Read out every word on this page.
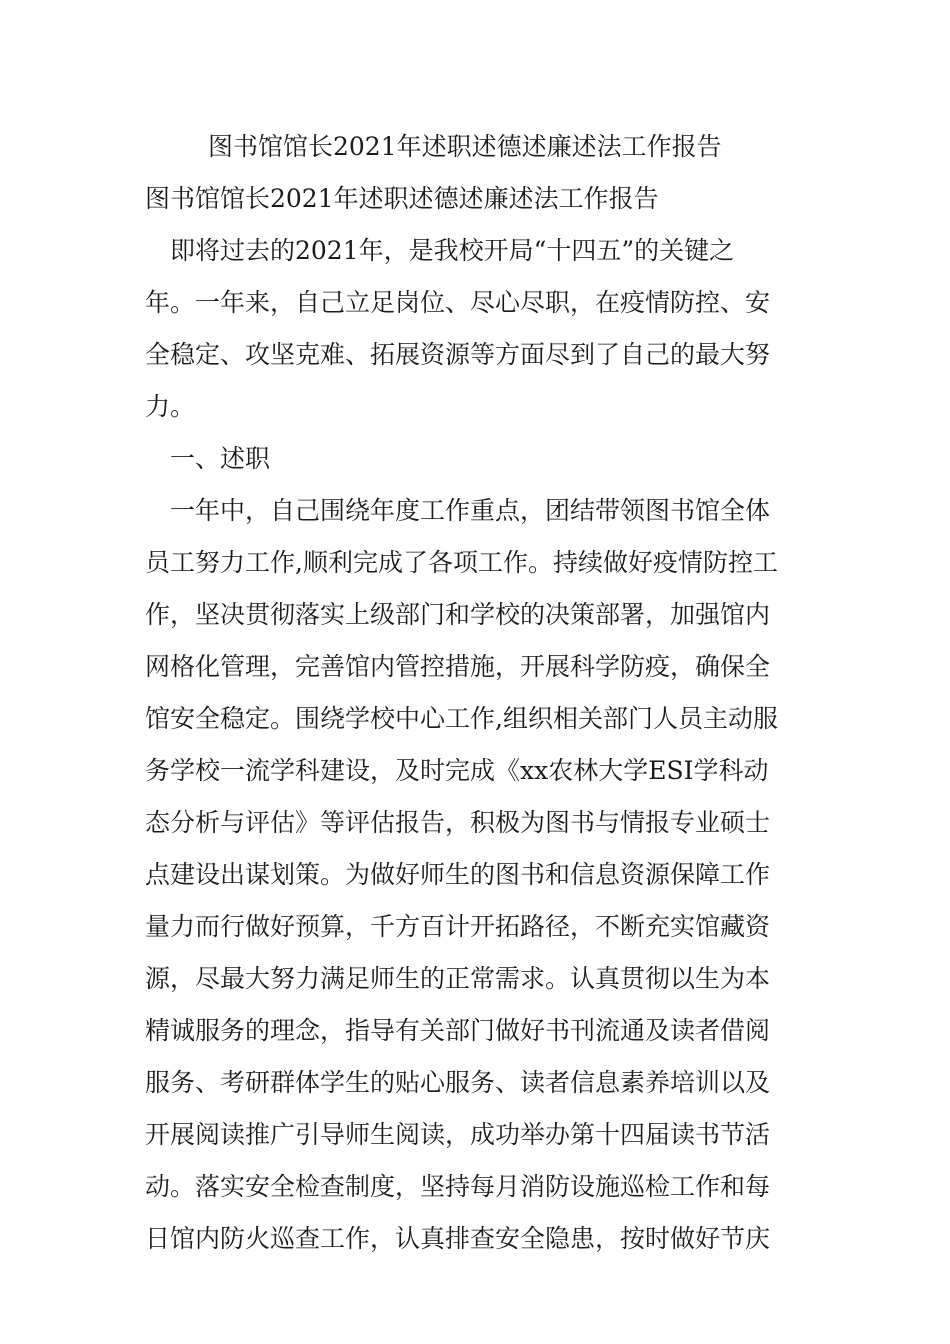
图书馆馆长2021年述职述德述廉述法工作报告
图书馆馆长2021年述职述德述廉述法工作报告
　即将过去的2021年，是我校开局“十四五”的关键之
年。一年来，自己立足岗位、尽心尽职，在疫情防控、安
全稳定、攻坚克难、拓展资源等方面尽到了自己的最大努
力。
　一、述职
　一年中，自己围绕年度工作重点，团结带领图书馆全体
员工努力工作,顺利完成了各项工作。持续做好疫情防控工
作，坚决贯彻落实上级部门和学校的决策部署，加强馆内
网格化管理，完善馆内管控措施，开展科学防疫，确保全
馆安全稳定。围绕学校中心工作,组织相关部门人员主动服
务学校一流学科建设，及时完成《xx农林大学ESI学科动
态分析与评估》等评估报告，积极为图书与情报专业硕士
点建设出谋划策。为做好师生的图书和信息资源保障工作
量力而行做好预算，千方百计开拓路径，不断充实馆藏资
源，尽最大努力满足师生的正常需求。认真贯彻以生为本
精诚服务的理念，指导有关部门做好书刊流通及读者借阅
服务、考研群体学生的贴心服务、读者信息素养培训以及
开展阅读推广引导师生阅读，成功举办第十四届读书节活
动。落实安全检查制度，坚持每月消防设施巡检工作和每
日馆内防火巡查工作，认真排查安全隐患，按时做好节庆
